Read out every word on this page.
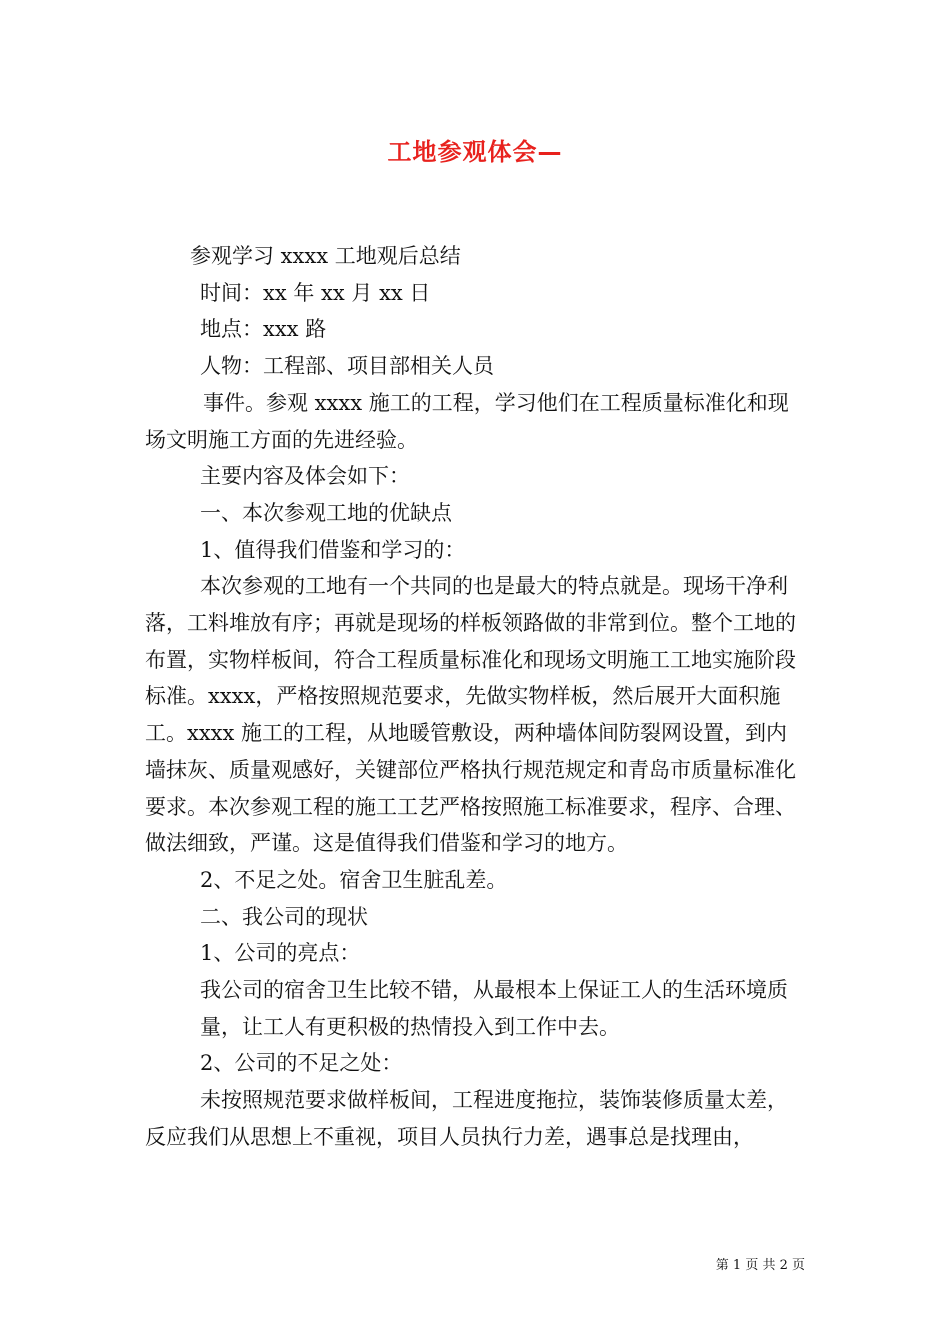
工地参观体会—

参观学习 xxxx 工地观后总结

时间：xx 年 xx 月 xx 日

地点：xxx 路

人物：工程部、项目部相关人员

事件。参观 xxxx 施工的工程，学习他们在工程质量标准化和现场文明施工方面的先进经验。

主要内容及体会如下：

一、本次参观工地的优缺点

1、值得我们借鉴和学习的：

本次参观的工地有一个共同的也是最大的特点就是。现场干净利落，工料堆放有序；再就是现场的样板领路做的非常到位。整个工地的布置，实物样板间，符合工程质量标准化和现场文明施工工地实施阶段标准。xxxx，严格按照规范要求，先做实物样板，然后展开大面积施工。xxxx 施工的工程，从地暖管敷设，两种墙体间防裂网设置，到内墙抹灰、质量观感好，关键部位严格执行规范规定和青岛市质量标准化要求。本次参观工程的施工工艺严格按照施工标准要求，程序、合理、做法细致，严谨。这是值得我们借鉴和学习的地方。

2、不足之处。宿舍卫生脏乱差。

二、我公司的现状

1、公司的亮点：

我公司的宿舍卫生比较不错，从最根本上保证工人的生活环境质

量，让工人有更积极的热情投入到工作中去。

2、公司的不足之处：

未按照规范要求做样板间，工程进度拖拉，装饰装修质量太差，反应我们从思想上不重视，项目人员执行力差，遇事总是找理由，

第 1 页 共 2 页
